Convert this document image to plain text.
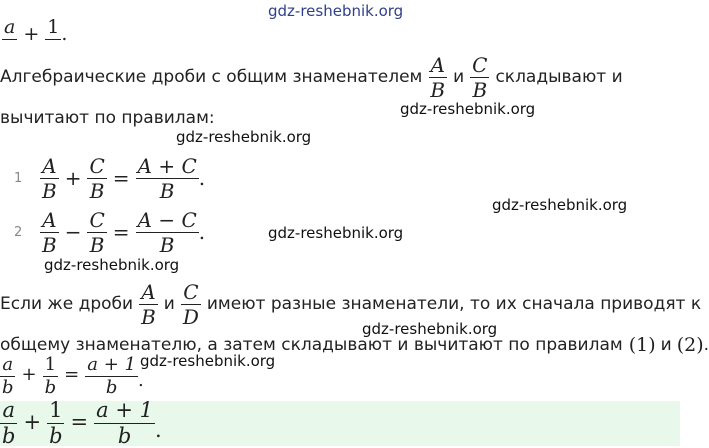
gdz-reshebnik.org
a
+ 1
.
Алгебраические дроби с общим знаменателем $\frac{A}{B}$ и $\frac{C}{B}$ складывают и
вычитают по правилам:	gdz-reshebnik.org
gdz-reshebnik.org
gdz-reshebnik.org
gdz-reshebnik.org
gdz-reshebnik.org
gdz-reshebnik.org
gdz-reshebnik.org
$1 \frac{A}{B} + \frac{C}{B} = \frac{A + C}{B}$ .
$2 \frac{A}{B} - \frac{C}{B} = \frac{A - C}{B}$ .
Если же дроби $\frac{A}{B}$ и $\frac{C}{D}$ имеют разные знаменатели, то их сначала приводят к
общему знаменателю, а затем складывают и вычитают по правилам (1) и (2) .
$\frac{a}{b} + \frac{1}{b} = \frac{a + 1}{b}$ .
$\frac{a}{b} + \frac{1}{b} = \frac{a + 1}{b}$ .
